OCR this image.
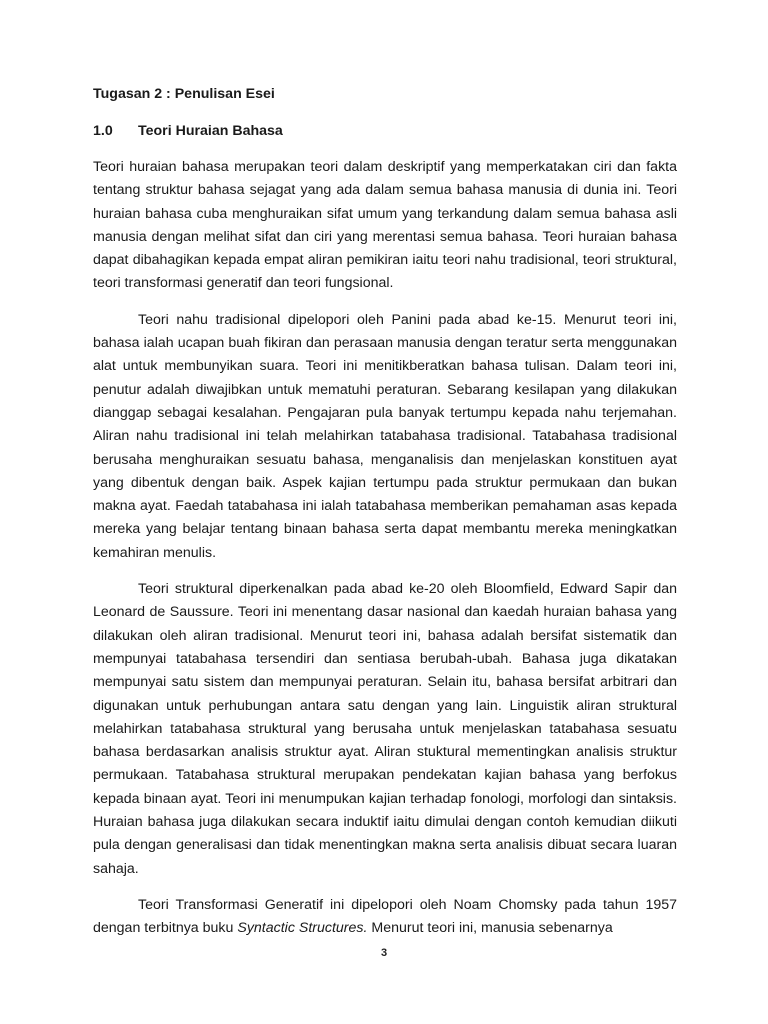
Tugasan 2 : Penulisan Esei

1.0	Teori Huraian Bahasa

Teori huraian bahasa merupakan teori dalam deskriptif yang memperkatakan ciri dan fakta tentang struktur bahasa sejagat yang ada dalam semua bahasa manusia di dunia ini. Teori huraian bahasa cuba menghuraikan sifat umum yang terkandung dalam semua bahasa asli manusia dengan melihat sifat dan ciri yang merentasi semua bahasa. Teori huraian bahasa dapat dibahagikan kepada empat aliran pemikiran iaitu teori nahu tradisional, teori struktural, teori transformasi generatif dan teori fungsional.

Teori nahu tradisional dipelopori oleh Panini pada abad ke-15. Menurut teori ini, bahasa ialah ucapan buah fikiran dan perasaan manusia dengan teratur serta menggunakan alat untuk membunyikan suara. Teori ini menitikberatkan bahasa tulisan. Dalam teori ini, penutur adalah diwajibkan untuk mematuhi peraturan. Sebarang kesilapan yang dilakukan dianggap sebagai kesalahan. Pengajaran pula banyak tertumpu kepada nahu terjemahan. Aliran nahu tradisional ini telah melahirkan tatabahasa tradisional. Tatabahasa tradisional berusaha menghuraikan sesuatu bahasa, menganalisis dan menjelaskan konstituen ayat yang dibentuk dengan baik. Aspek kajian tertumpu pada struktur permukaan dan bukan makna ayat. Faedah tatabahasa ini ialah tatabahasa memberikan pemahaman asas kepada mereka yang belajar tentang binaan bahasa serta dapat membantu mereka meningkatkan kemahiran menulis.

Teori struktural diperkenalkan pada abad ke-20 oleh Bloomfield, Edward Sapir dan Leonard de Saussure. Teori ini menentang dasar nasional dan kaedah huraian bahasa yang dilakukan oleh aliran tradisional. Menurut teori ini, bahasa adalah bersifat sistematik dan mempunyai tatabahasa tersendiri dan sentiasa berubah-ubah. Bahasa juga dikatakan mempunyai satu sistem dan mempunyai peraturan. Selain itu, bahasa bersifat arbitrari dan digunakan untuk perhubungan antara satu dengan yang lain. Linguistik aliran struktural melahirkan tatabahasa struktural yang berusaha untuk menjelaskan tatabahasa sesuatu bahasa berdasarkan analisis struktur ayat. Aliran stuktural mementingkan analisis struktur permukaan. Tatabahasa struktural merupakan pendekatan kajian bahasa yang berfokus kepada binaan ayat. Teori ini menumpukan kajian terhadap fonologi, morfologi dan sintaksis. Huraian bahasa juga dilakukan secara induktif iaitu dimulai dengan contoh kemudian diikuti pula dengan generalisasi dan tidak menentingkan makna serta analisis dibuat secara luaran sahaja.

Teori Transformasi Generatif ini dipelopori oleh Noam Chomsky pada tahun 1957 dengan terbitnya buku Syntactic Structures. Menurut teori ini, manusia sebenarnya

3
